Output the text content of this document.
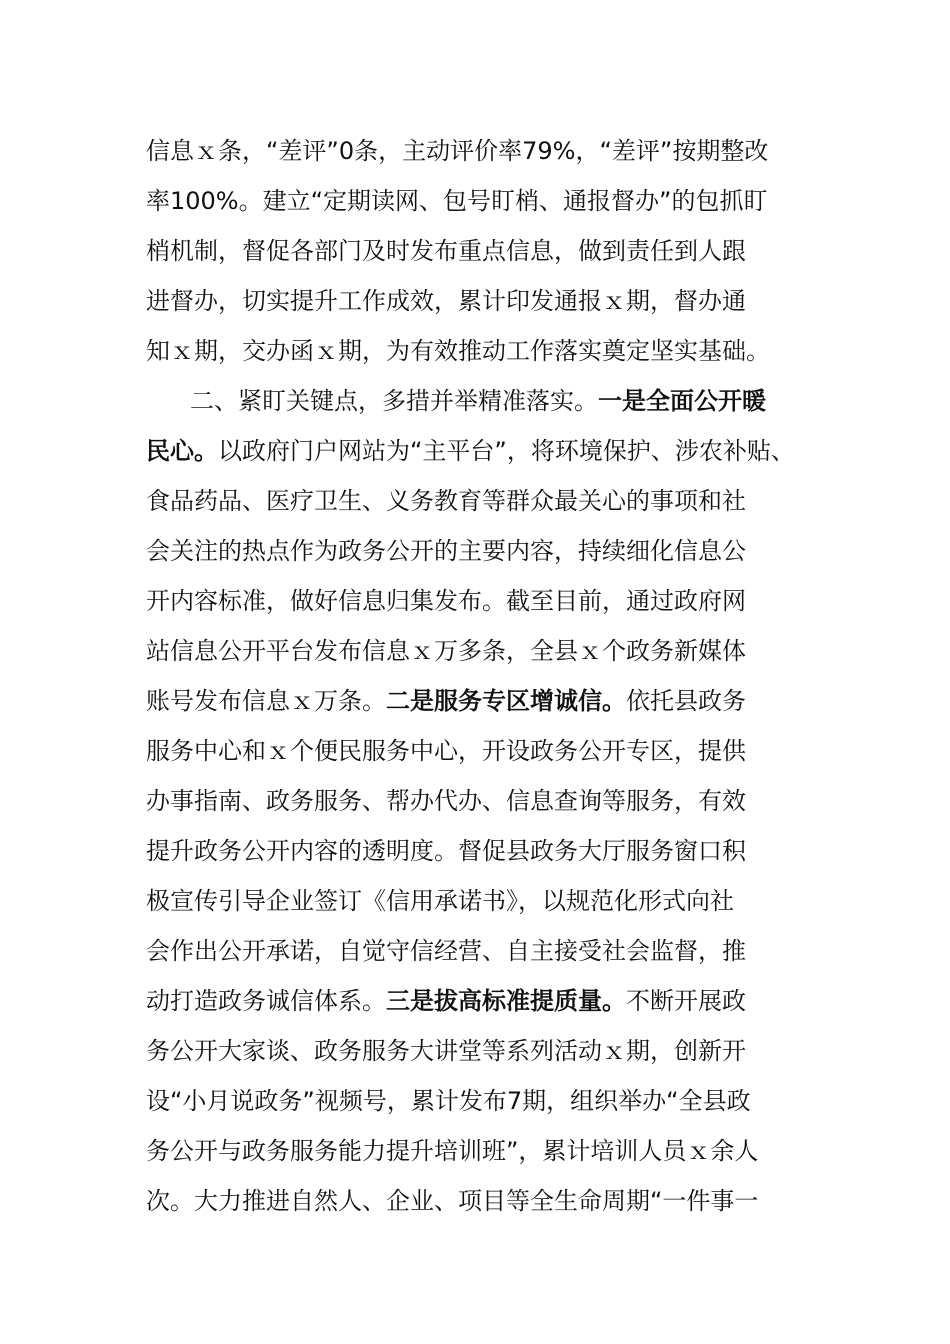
信息ｘ条，“差评”0条，主动评价率79%，“差评”按期整改
率100%。建立“定期读网、包号盯梢、通报督办”的包抓盯
梢机制，督促各部门及时发布重点信息，做到责任到人跟
进督办，切实提升工作成效，累计印发通报ｘ期，督办通
知ｘ期，交办函ｘ期，为有效推动工作落实奠定坚实基础。
二、紧盯关键点，多措并举精准落实。一是全面公开暖
民心。以政府门户网站为“主平台”，将环境保护、涉农补贴、
食品药品、医疗卫生、义务教育等群众最关心的事项和社
会关注的热点作为政务公开的主要内容，持续细化信息公
开内容标准，做好信息归集发布。截至目前，通过政府网
站信息公开平台发布信息ｘ万多条，全县ｘ个政务新媒体
账号发布信息ｘ万条。二是服务专区增诚信。依托县政务
服务中心和ｘ个便民服务中心，开设政务公开专区，提供
办事指南、政务服务、帮办代办、信息查询等服务，有效
提升政务公开内容的透明度。督促县政务大厅服务窗口积
极宣传引导企业签订《信用承诺书》，以规范化形式向社
会作出公开承诺，自觉守信经营、自主接受社会监督，推
动打造政务诚信体系。三是拔高标准提质量。不断开展政
务公开大家谈、政务服务大讲堂等系列活动ｘ期，创新开
设“小月说政务”视频号，累计发布7期，组织举办“全县政
务公开与政务服务能力提升培训班”，累计培训人员ｘ余人
次。大力推进自然人、企业、项目等全生命周期“一件事一
